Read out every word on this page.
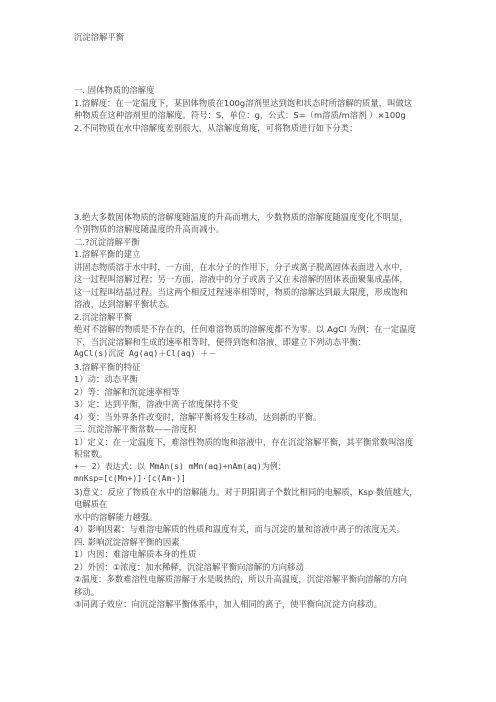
沉淀溶解平衡
一. 固体物质的溶解度
1.溶解度：在一定温度下，某固体物质在100g溶剂里达到饱和状态时所溶解的质量，叫做这
种物质在这种溶剂里的溶解度。符号：S，单位：g，公式：S=（m溶质/m溶剂 ）×100g
2.不同物质在水中溶解度差别很大，从溶解度角度，可将物质进行如下分类：
3.绝大多数固体物质的溶解度随温度的升高而增大，少数物质的溶解度随温度变化不明显，
个别物质的溶解度随温度的升高而减小。
二.?沉淀溶解平衡
1.溶解平衡的建立
讲固态物质溶于水中时，一方面，在水分子的作用下，分子或离子脱离固体表面进入水中，
这一过程叫溶解过程；另一方面，溶液中的分子或离子又在未溶解的固体表面聚集成晶体，
这一过程叫结晶过程。当这两个相反过程速率相等时，物质的溶解达到最大限度，形成饱和
溶液，达到溶解平衡状态。
2.沉淀溶解平衡
绝对不溶解的物质是不存在的，任何难溶物质的溶解度都不为零。以 AgCl 为例：在一定温度
下，当沉淀溶解和生成的速率相等时，便得到饱和溶液，即建立下列动态平衡：
AgCl(s)沉淀 Ag(aq)＋Cl(aq) ＋－
3.溶解平衡的特征
1）动：动态平衡
2）等：溶解和沉淀速率相等
3）定：达到平衡，溶液中离子浓度保持不变
4）变：当外界条件改变时，溶解平衡将发生移动，达到新的平衡。
三. 沉淀溶解平衡常数——溶度积
1）定义：在一定温度下，难溶性物质的饱和溶液中，存在沉淀溶解平衡，其平衡常数叫溶度
积常数。
+－ 2）表达式：以 MmAn(s) mMn(aq)+nAm(aq)为例：
mnKsp=[c(Mn+)]·[c(Am-)]
3)意义：反应了物质在水中的溶解能力。对于阴阳离子个数比相同的电解质，Ksp 数值越大，
电解质在
水中的溶解能力越强。
4）影响因素：与难溶电解质的性质和温度有关，而与沉淀的量和溶液中离子的浓度无关。
四. 影响沉淀溶解平衡的因素
1）内因：难溶电解质本身的性质
2）外因：①浓度：加水稀释，沉淀溶解平衡向溶解的方向移动
②温度：多数难溶性电解质溶解于水是吸热的，所以升高温度，沉淀溶解平衡向溶解的方向
移动。
③同离子效应：向沉淀溶解平衡体系中，加入相同的离子，使平衡向沉淀方向移动。
